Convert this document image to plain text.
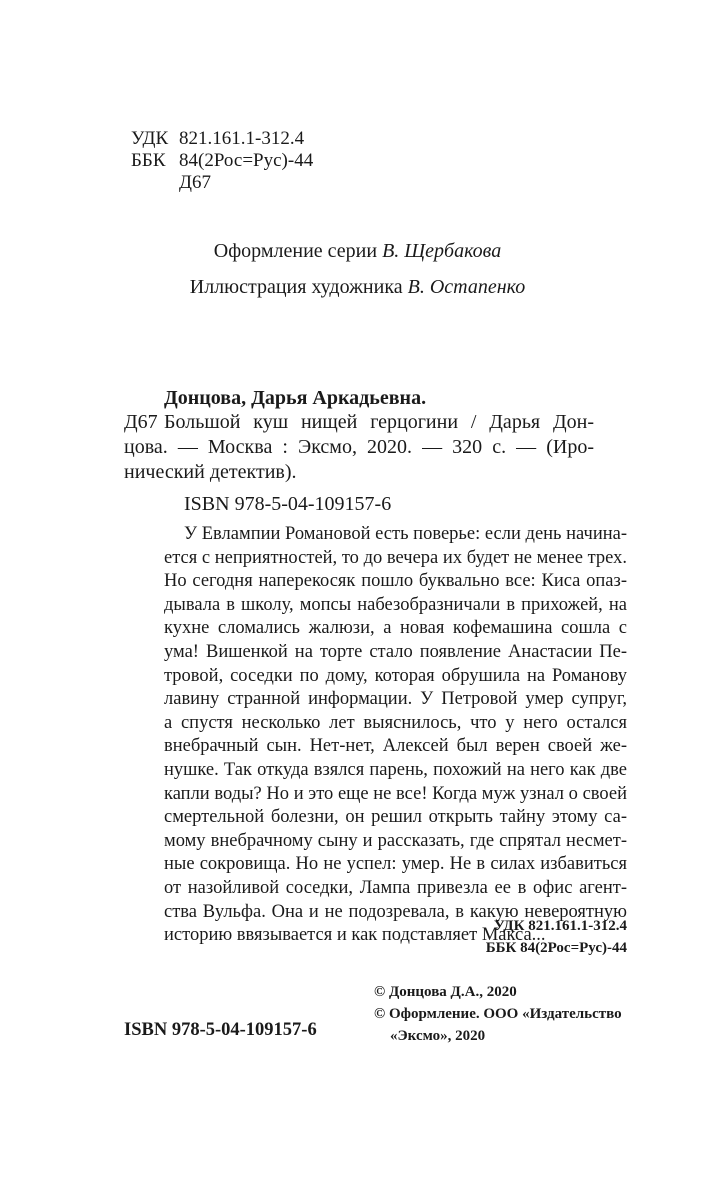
УДК 821.161.1-312.4
ББК 84(2Рос=Рус)-44
Д67
Оформление серии В. Щербакова
Иллюстрация художника В. Остапенко
Донцова, Дарья Аркадьевна.
Д67 Большой куш нищей герцогини / Дарья Дон-
цова. — Москва : Эксмо, 2020. — 320 с. — (Иро-
нический детектив).
ISBN 978-5-04-109157-6
У Евлампии Романовой есть поверье: если день начина-
ется с неприятностей, то до вечера их будет не менее трех.
Но сегодня наперекосяк пошло буквально все: Киса опаз-
дывала в школу, мопсы набезобразничали в прихожей, на
кухне сломались жалюзи, а новая кофемашина сошла с
ума! Вишенкой на торте стало появление Анастасии Пе-
тровой, соседки по дому, которая обрушила на Романову
лавину странной информации. У Петровой умер супруг,
а спустя несколько лет выяснилось, что у него остался
внебрачный сын. Нет-нет, Алексей был верен своей же-
нушке. Так откуда взялся парень, похожий на него как две
капли воды? Но и это еще не все! Когда муж узнал о своей
смертельной болезни, он решил открыть тайну этому са-
мому внебрачному сыну и рассказать, где спрятал несмет-
ные сокровища. Но не успел: умер. Не в силах избавиться
от назойливой соседки, Лампа привезла ее в офис агент-
ства Вульфа. Она и не подозревала, в какую невероятную
историю ввязывается и как подставляет Макса...
УДК 821.161.1-312.4
ББК 84(2Рос=Рус)-44
© Донцова Д.А., 2020
© Оформление. ООО «Издательство
«Эксмо», 2020
ISBN 978-5-04-109157-6
